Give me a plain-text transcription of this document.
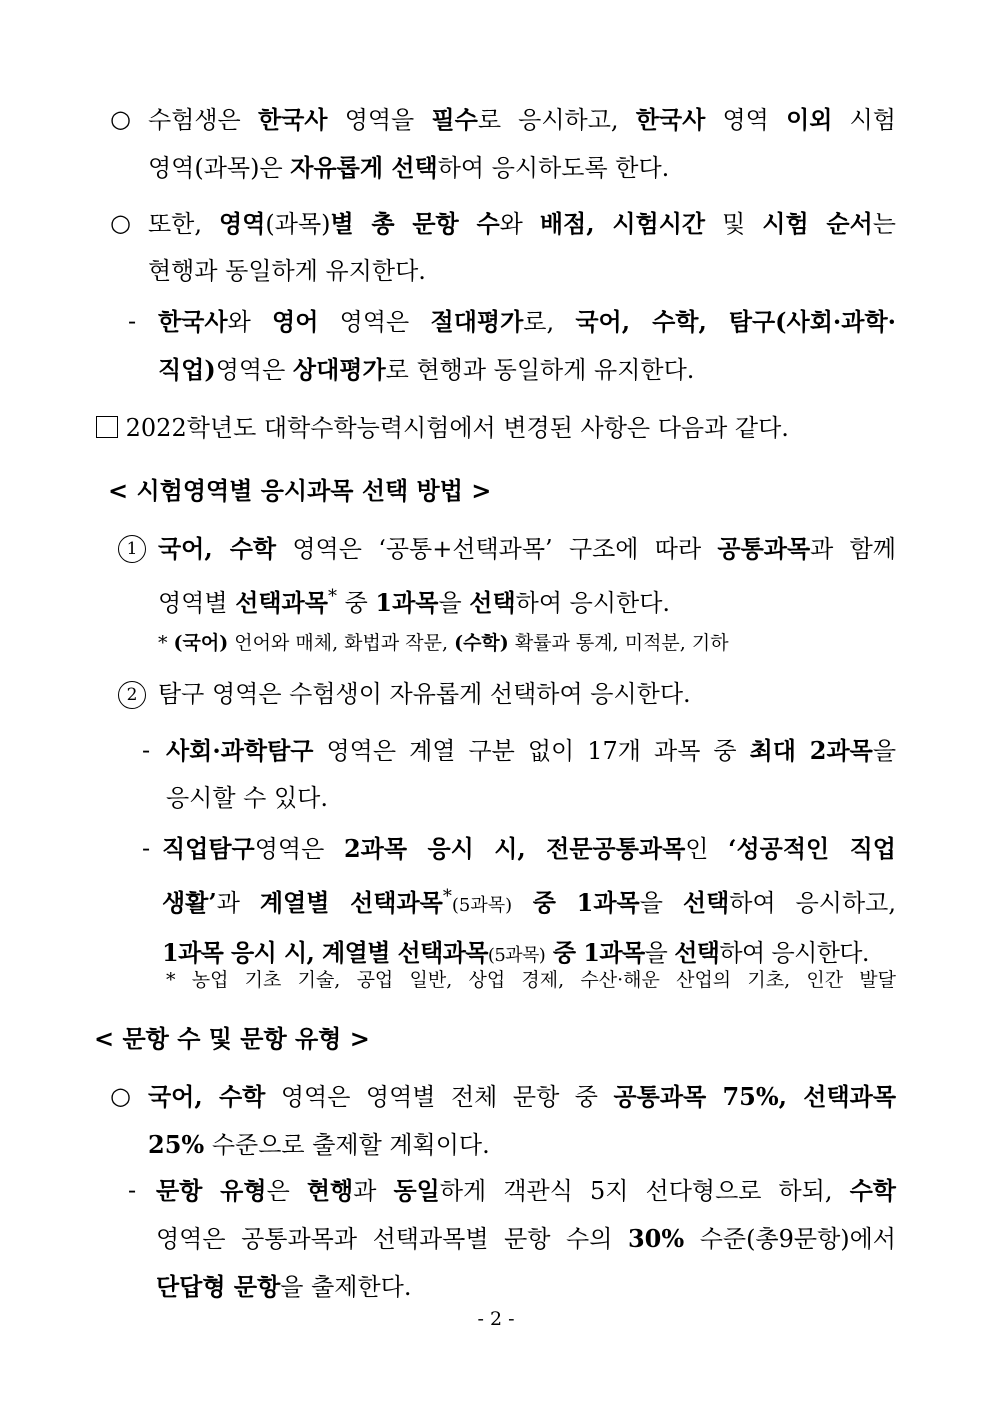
○ 수험생은 한국사 영역을 필수로 응시하고, 한국사 영역 이외 시험
영역(과목)은 자유롭게 선택하여 응시하도록 한다.
○ 또한, 영역(과목)별 총 문항 수와 배점, 시험시간 및 시험 순서는
현행과 동일하게 유지한다.
- 한국사와 영어 영역은 절대평가로, 국어, 수학, 탐구(사회·과학·
직업)영역은 상대평가로 현행과 동일하게 유지한다.
2022학년도 대학수학능력시험에서 변경된 사항은 다음과 같다.
< 시험영역별 응시과목 선택 방법 >
1 국어, 수학 영역은 ‘공통+선택과목’ 구조에 따라 공통과목과 함께
영역별 선택과목* 중 1과목을 선택하여 응시한다.
* (국어) 언어와 매체, 화법과 작문, (수학) 확률과 통계, 미적분, 기하
2 탐구 영역은 수험생이 자유롭게 선택하여 응시한다.
- 사회·과학탐구 영역은 계열 구분 없이 17개 과목 중 최대 2과목을
응시할 수 있다.
- 직업탐구영역은 2과목 응시 시, 전문공통과목인 ‘성공적인 직업
생활’과 계열별 선택과목*(5과목) 중 1과목을 선택하여 응시하고,
1과목 응시 시, 계열별 선택과목(5과목) 중 1과목을 선택하여 응시한다.
* 농업 기초 기술, 공업 일반, 상업 경제, 수산·해운 산업의 기초, 인간 발달
< 문항 수 및 문항 유형 >
○ 국어, 수학 영역은 영역별 전체 문항 중 공통과목 75%, 선택과목
25% 수준으로 출제할 계획이다.
- 문항 유형은 현행과 동일하게 객관식 5지 선다형으로 하되, 수학
영역은 공통과목과 선택과목별 문항 수의 30% 수준(총9문항)에서
단답형 문항을 출제한다.
- 2 -
